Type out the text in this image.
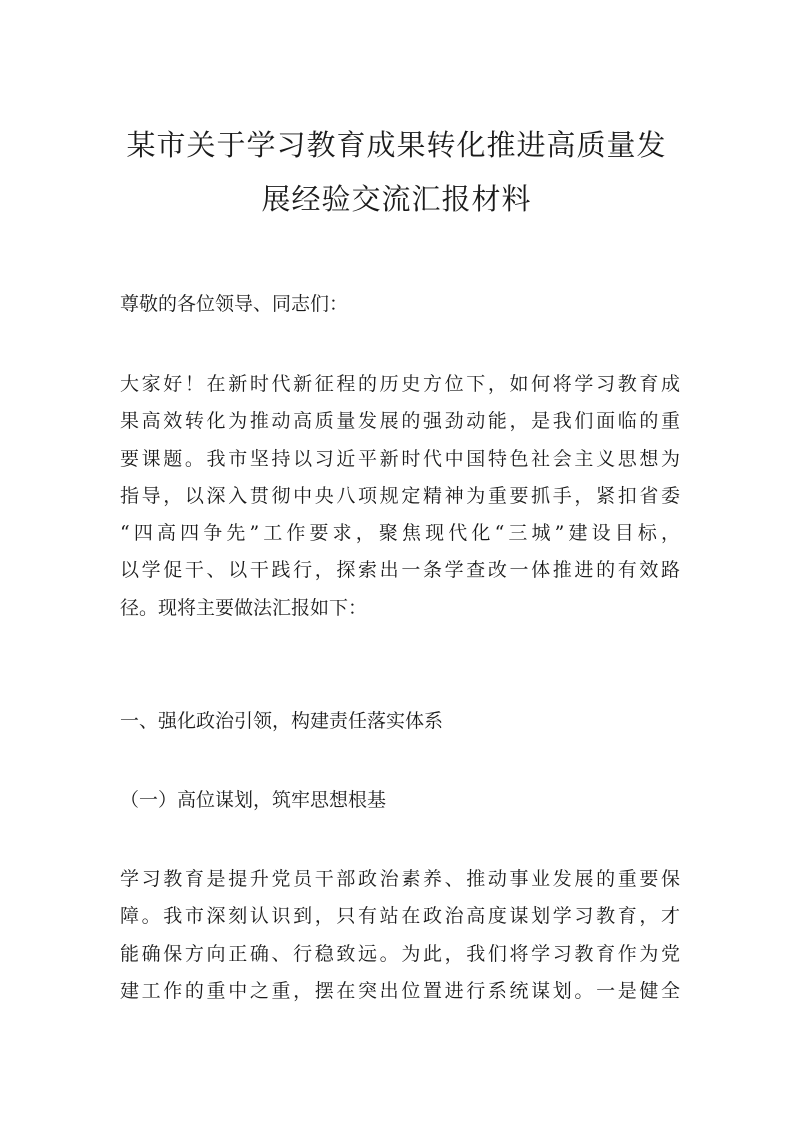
某市关于学习教育成果转化推进高质量发
展经验交流汇报材料

尊敬的各位领导、同志们：

大家好！在新时代新征程的历史方位下，如何将学习教育成
果高效转化为推动高质量发展的强劲动能，是我们面临的重
要课题。我市坚持以习近平新时代中国特色社会主义思想为
指导，以深入贯彻中央八项规定精神为重要抓手，紧扣省委
“四高四争先”工作要求，聚焦现代化“三城”建设目标，
以学促干、以干践行，探索出一条学查改一体推进的有效路
径。现将主要做法汇报如下：

一、强化政治引领，构建责任落实体系

（一）高位谋划，筑牢思想根基

学习教育是提升党员干部政治素养、推动事业发展的重要保
障。我市深刻认识到，只有站在政治高度谋划学习教育，才
能确保方向正确、行稳致远。为此，我们将学习教育作为党
建工作的重中之重，摆在突出位置进行系统谋划。一是健全
